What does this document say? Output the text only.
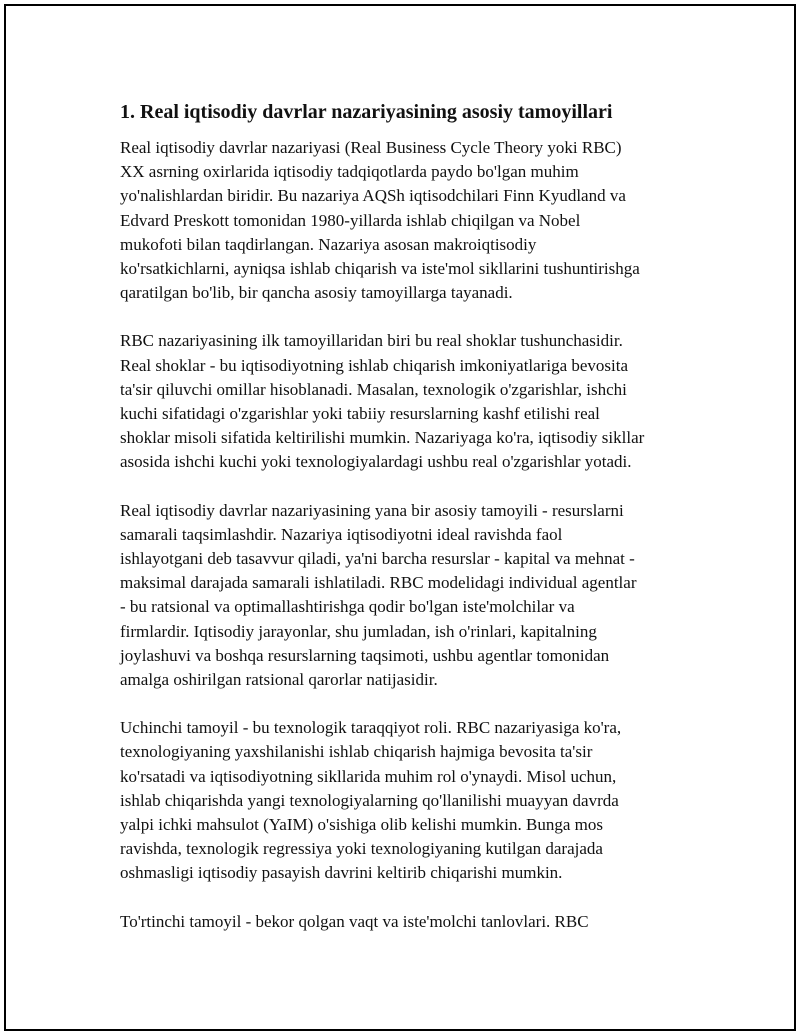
1. Real iqtisodiy davrlar nazariyasining asosiy tamoyillari

Real iqtisodiy davrlar nazariyasi (Real Business Cycle Theory yoki RBC)
XX asrning oxirlarida iqtisodiy tadqiqotlarda paydo bo'lgan muhim
yo'nalishlardan biridir. Bu nazariya AQSh iqtisodchilari Finn Kyudland va
Edvard Preskott tomonidan 1980-yillarda ishlab chiqilgan va Nobel
mukofoti bilan taqdirlangan. Nazariya asosan makroiqtisodiy
ko'rsatkichlarni, ayniqsa ishlab chiqarish va iste'mol sikllarini tushuntirishga
qaratilgan bo'lib, bir qancha asosiy tamoyillarga tayanadi.

RBC nazariyasining ilk tamoyillaridan biri bu real shoklar tushunchasidir.
Real shoklar - bu iqtisodiyotning ishlab chiqarish imkoniyatlariga bevosita
ta'sir qiluvchi omillar hisoblanadi. Masalan, texnologik o'zgarishlar, ishchi
kuchi sifatidagi o'zgarishlar yoki tabiiy resurslarning kashf etilishi real
shoklar misoli sifatida keltirilishi mumkin. Nazariyaga ko'ra, iqtisodiy sikllar
asosida ishchi kuchi yoki texnologiyalardagi ushbu real o'zgarishlar yotadi.

Real iqtisodiy davrlar nazariyasining yana bir asosiy tamoyili - resurslarni
samarali taqsimlashdir. Nazariya iqtisodiyotni ideal ravishda faol
ishlayotgani deb tasavvur qiladi, ya'ni barcha resurslar - kapital va mehnat -
maksimal darajada samarali ishlatiladi. RBC modelidagi individual agentlar
- bu ratsional va optimallashtirishga qodir bo'lgan iste'molchilar va
firmlardir. Iqtisodiy jarayonlar, shu jumladan, ish o'rinlari, kapitalning
joylashuvi va boshqa resurslarning taqsimoti, ushbu agentlar tomonidan
amalga oshirilgan ratsional qarorlar natijasidir.

Uchinchi tamoyil - bu texnologik taraqqiyot roli. RBC nazariyasiga ko'ra,
texnologiyaning yaxshilanishi ishlab chiqarish hajmiga bevosita ta'sir
ko'rsatadi va iqtisodiyotning sikllarida muhim rol o'ynaydi. Misol uchun,
ishlab chiqarishda yangi texnologiyalarning qo'llanilishi muayyan davrda
yalpi ichki mahsulot (YaIM) o'sishiga olib kelishi mumkin. Bunga mos
ravishda, texnologik regressiya yoki texnologiyaning kutilgan darajada
oshmasligi iqtisodiy pasayish davrini keltirib chiqarishi mumkin.

To'rtinchi tamoyil - bekor qolgan vaqt va iste'molchi tanlovlari. RBC
